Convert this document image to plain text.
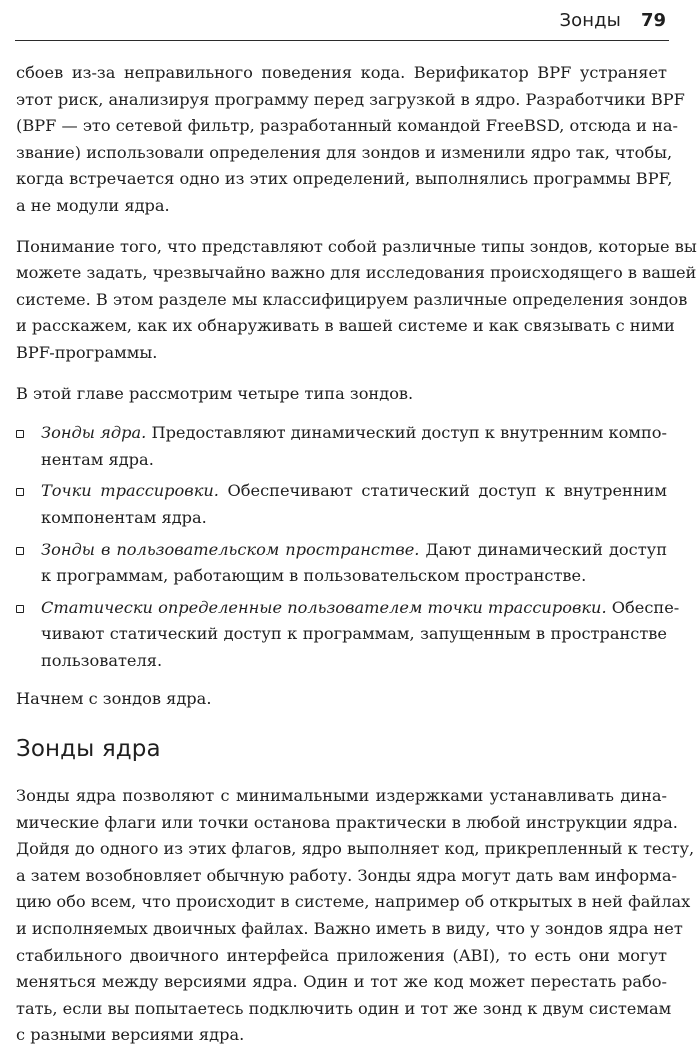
Зонды 79
сбоев из-за неправильного поведения кода. Верификатор BPF устраняет
этот риск, анализируя программу перед загрузкой в ядро. Разработчики BPF
(BPF — это сетевой фильтр, разработанный командой FreeBSD, отсюда и на-
звание) использовали определения для зондов и изменили ядро так, чтобы,
когда встречается одно из этих определений, выполнялись программы BPF,
а не модули ядра.
Понимание того, что представляют собой различные типы зондов, которые вы
можете задать, чрезвычайно важно для исследования происходящего в вашей
системе. В этом разделе мы классифицируем различные определения зондов
и расскажем, как их обнаруживать в вашей системе и как связывать с ними
BPF-программы.
В этой главе рассмотрим четыре типа зондов.
Зонды ядра. Предоставляют динамический доступ к внутренним компо-
нентам ядра.
Точки трассировки. Обеспечивают статический доступ к внутренним
компонентам ядра.
Зонды в пользовательском пространстве. Дают динамический доступ
к программам, работающим в пользовательском пространстве.
Статически определенные пользователем точки трассировки. Обеспе-
чивают статический доступ к программам, запущенным в пространстве
пользователя.
Начнем с зондов ядра.
Зонды ядра
Зонды ядра позволяют с минимальными издержками устанавливать дина-
мические флаги или точки останова практически в любой инструкции ядра.
Дойдя до одного из этих флагов, ядро выполняет код, прикрепленный к тесту,
а затем возобновляет обычную работу. Зонды ядра могут дать вам информа-
цию обо всем, что происходит в системе, например об открытых в ней файлах
и исполняемых двоичных файлах. Важно иметь в виду, что у зондов ядра нет
стабильного двоичного интерфейса приложения (ABI), то есть они могут
меняться между версиями ядра. Один и тот же код может перестать рабо-
тать, если вы попытаетесь подключить один и тот же зонд к двум системам
с разными версиями ядра.
